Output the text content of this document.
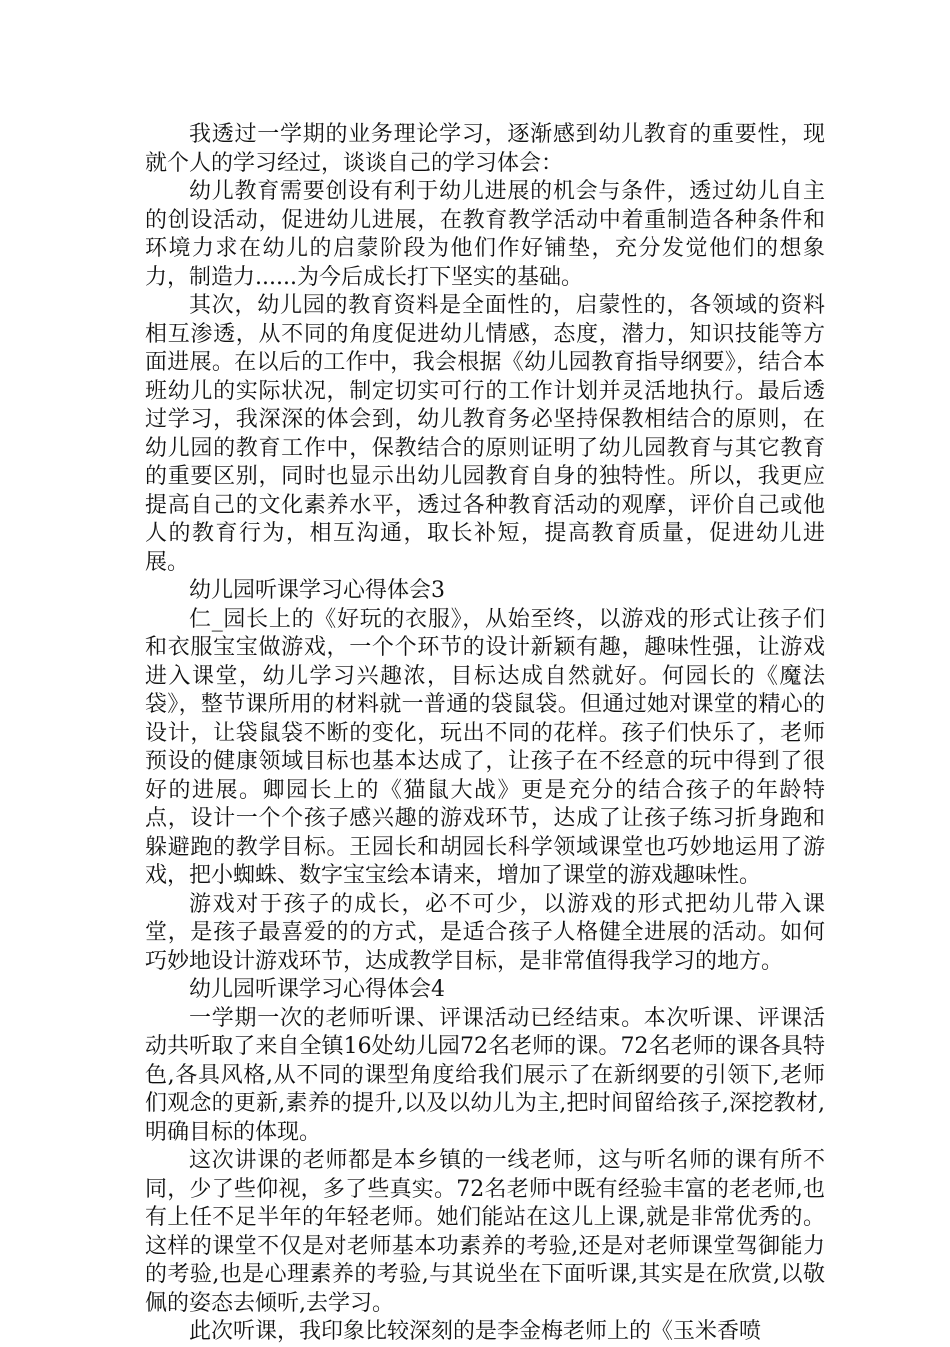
我透过一学期的业务理论学习，逐渐感到幼儿教育的重要性，现就个人的学习经过，谈谈自己的学习体会：

幼儿教育需要创设有利于幼儿进展的机会与条件，透过幼儿自主的创设活动，促进幼儿进展，在教育教学活动中着重制造各种条件和环境力求在幼儿的启蒙阶段为他们作好铺垫，充分发觉他们的想象力，制造力......为今后成长打下坚实的基础。

其次，幼儿园的教育资料是全面性的，启蒙性的，各领域的资料相互渗透，从不同的角度促进幼儿情感，态度，潜力，知识技能等方面进展。在以后的工作中，我会根据《幼儿园教育指导纲要》，结合本班幼儿的实际状况，制定切实可行的工作计划并灵活地执行。最后透过学习，我深深的体会到，幼儿教育务必坚持保教相结合的原则，在幼儿园的教育工作中，保教结合的原则证明了幼儿园教育与其它教育的重要区别，同时也显示出幼儿园教育自身的独特性。所以，我更应提高自己的文化素养水平，透过各种教育活动的观摩，评价自己或他人的教育行为，相互沟通，取长补短，提高教育质量，促进幼儿进展。

幼儿园听课学习心得体会3

仁_园长上的《好玩的衣服》，从始至终，以游戏的形式让孩子们和衣服宝宝做游戏，一个个环节的设计新颖有趣，趣味性强，让游戏进入课堂，幼儿学习兴趣浓，目标达成自然就好。何园长的《魔法袋》，整节课所用的材料就一普通的袋鼠袋。但通过她对课堂的精心的设计，让袋鼠袋不断的变化，玩出不同的花样。孩子们快乐了，老师预设的健康领域目标也基本达成了，让孩子在不经意的玩中得到了很好的进展。卿园长上的《猫鼠大战》更是充分的结合孩子的年龄特点，设计一个个孩子感兴趣的游戏环节，达成了让孩子练习折身跑和躲避跑的教学目标。王园长和胡园长科学领域课堂也巧妙地运用了游戏，把小蜘蛛、数字宝宝绘本请来，增加了课堂的游戏趣味性。

游戏对于孩子的成长，必不可少，以游戏的形式把幼儿带入课堂，是孩子最喜爱的的方式，是适合孩子人格健全进展的活动。如何巧妙地设计游戏环节，达成教学目标，是非常值得我学习的地方。

幼儿园听课学习心得体会4

一学期一次的老师听课、评课活动已经结束。本次听课、评课活动共听取了来自全镇16处幼儿园72名老师的课。72名老师的课各具特色,各具风格,从不同的课型角度给我们展示了在新纲要的引领下,老师们观念的更新,素养的提升,以及以幼儿为主,把时间留给孩子,深挖教材,明确目标的体现。

这次讲课的老师都是本乡镇的一线老师，这与听名师的课有所不同，少了些仰视，多了些真实。72名老师中既有经验丰富的老老师,也有上任不足半年的年轻老师。她们能站在这儿上课,就是非常优秀的。这样的课堂不仅是对老师基本功素养的考验,还是对老师课堂驾御能力的考验,也是心理素养的考验,与其说坐在下面听课,其实是在欣赏,以敬佩的姿态去倾听,去学习。

此次听课，我印象比较深刻的是李金梅老师上的《玉米香喷
